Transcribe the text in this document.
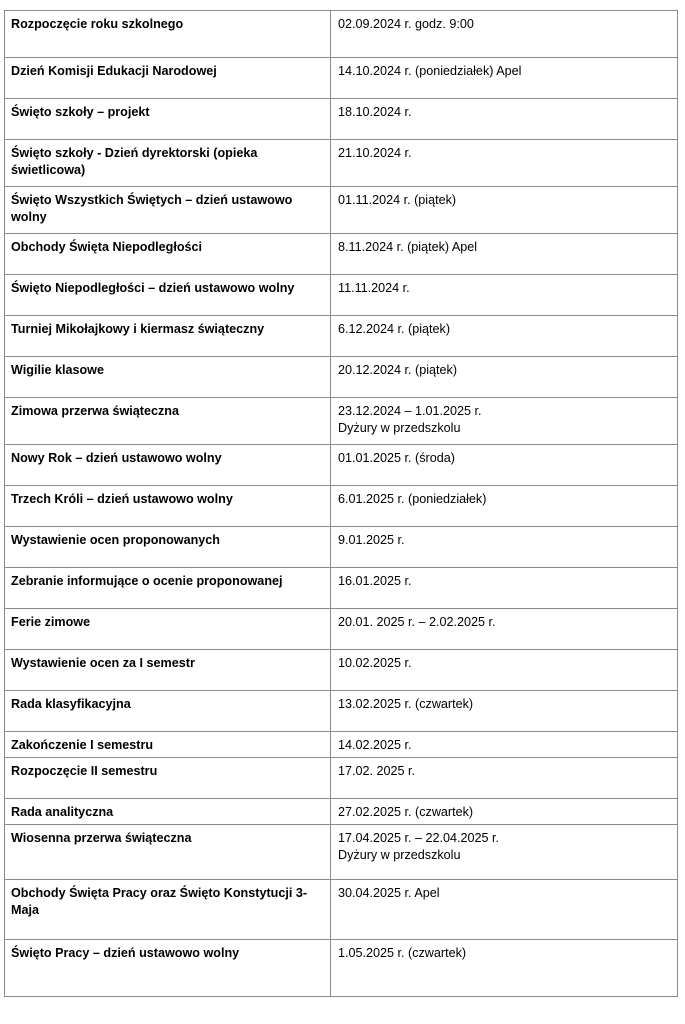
Rozpoczęcie roku szkolnego	02.09.2024 r. godz. 9:00

Dzień Komisji Edukacji Narodowej	14.10.2024 r. (poniedziałek) Apel

Święto szkoły – projekt	18.10.2024 r.

Święto szkoły - Dzień dyrektorski (opieka świetlicowa)	21.10.2024 r.

Święto Wszystkich Świętych – dzień ustawowo wolny	01.11.2024 r. (piątek)

Obchody Święta Niepodległości	8.11.2024 r. (piątek) Apel

Święto Niepodległości – dzień ustawowo wolny	11.11.2024 r.

Turniej Mikołajkowy i kiermasz świąteczny	6.12.2024 r. (piątek)

Wigilie klasowe	20.12.2024 r. (piątek)

Zimowa przerwa świąteczna	23.12.2024 – 1.01.2025 r.
Dyżury w przedszkolu

Nowy Rok – dzień ustawowo wolny	01.01.2025 r. (środa)

Trzech Króli – dzień ustawowo wolny	6.01.2025 r. (poniedziałek)

Wystawienie ocen proponowanych	9.01.2025 r.

Zebranie informujące o ocenie proponowanej	16.01.2025 r.

Ferie zimowe	20.01. 2025 r. – 2.02.2025 r.

Wystawienie ocen za I semestr	10.02.2025 r.

Rada klasyfikacyjna	13.02.2025 r. (czwartek)

Zakończenie I semestru	14.02.2025 r.

Rozpoczęcie II semestru	17.02. 2025 r.

Rada analityczna	27.02.2025 r. (czwartek)

Wiosenna przerwa świąteczna	17.04.2025 r. – 22.04.2025 r.
Dyżury w przedszkolu

Obchody Święta Pracy oraz Święto Konstytucji 3-Maja	30.04.2025 r. Apel

Święto Pracy – dzień ustawowo wolny	1.05.2025 r. (czwartek)
